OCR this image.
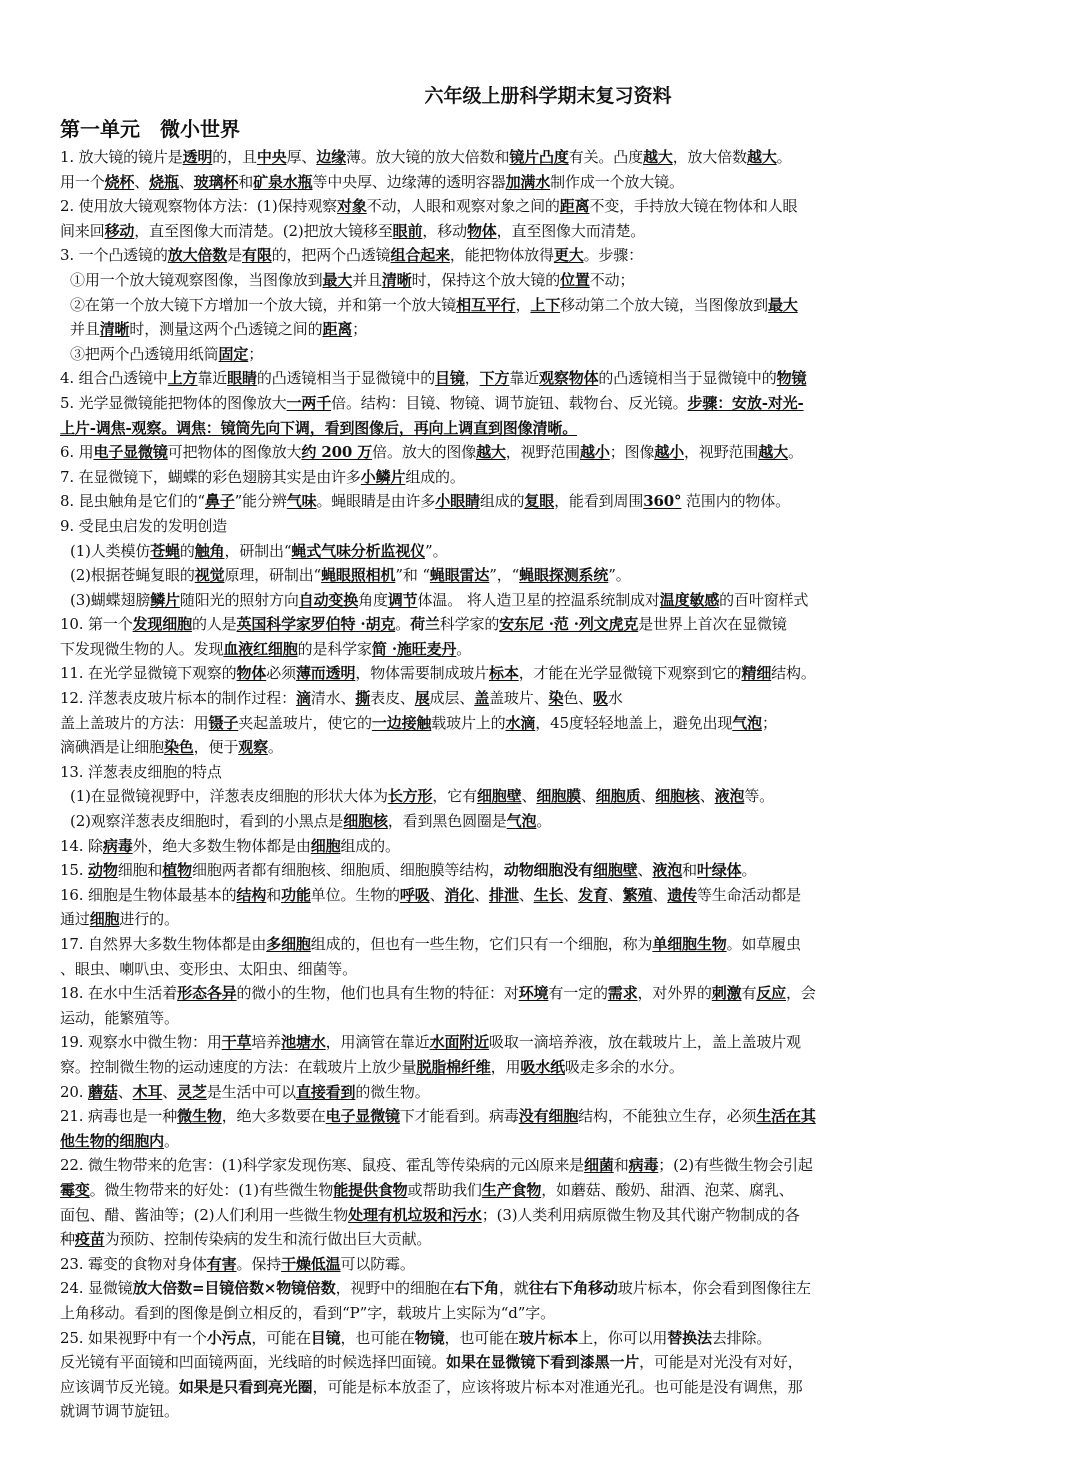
六年级上册科学期末复习资料
第一单元　微小世界
1. 放大镜的镜片是透明的，且中央厚、边缘薄。放大镜的放大倍数和镜片凸度有关。凸度越大，放大倍数越大。
用一个烧杯、烧瓶、玻璃杯和矿泉水瓶等中央厚、边缘薄的透明容器加满水制作成一个放大镜。
2. 使用放大镜观察物体方法：(1)保持观察对象不动，人眼和观察对象之间的距离不变，手持放大镜在物体和人眼
间来回移动，直至图像大而清楚。(2)把放大镜移至眼前，移动物体，直至图像大而清楚。
3. 一个凸透镜的放大倍数是有限的，把两个凸透镜组合起来，能把物体放得更大。步骤：
①用一个放大镜观察图像，当图像放到最大并且清晰时，保持这个放大镜的位置不动；
②在第一个放大镜下方增加一个放大镜，并和第一个放大镜相互平行，上下移动第二个放大镜，当图像放到最大
并且清晰时，测量这两个凸透镜之间的距离；
③把两个凸透镜用纸筒固定；
4. 组合凸透镜中上方靠近眼睛的凸透镜相当于显微镜中的目镜，下方靠近观察物体的凸透镜相当于显微镜中的物镜
5. 光学显微镜能把物体的图像放大一两千倍。结构：目镜、物镜、调节旋钮、载物台、反光镜。步骤：安放-对光-
上片-调焦-观察。调焦：镜筒先向下调，看到图像后，再向上调直到图像清晰。
6. 用电子显微镜可把物体的图像放大约 200 万倍。放大的图像越大，视野范围越小；图像越小，视野范围越大。
7. 在显微镜下，蝴蝶的彩色翅膀其实是由许多小鳞片组成的。
8. 昆虫触角是它们的“鼻子”能分辨气味。蝇眼睛是由许多小眼睛组成的复眼，能看到周围360° 范围内的物体。
9. 受昆虫启发的发明创造
(1)人类模仿苍蝇的触角，研制出“蝇式气味分析监视仪”。
(2)根据苍蝇复眼的视觉原理，研制出“蝇眼照相机”和 “蝇眼雷达”，“蝇眼探测系统”。
(3)蝴蝶翅膀鳞片随阳光的照射方向自动变换角度调节体温。 将人造卫星的控温系统制成对温度敏感的百叶窗样式
10. 第一个发现细胞的人是英国科学家罗伯特 ·胡克。荷兰科学家的安东尼 ·范 ·列文虎克是世界上首次在显微镜
下发现微生物的人。发现血液红细胞的是科学家简 ·施旺麦丹。
11. 在光学显微镜下观察的物体必须薄而透明，物体需要制成玻片标本，才能在光学显微镜下观察到它的精细结构。
12. 洋葱表皮玻片标本的制作过程：滴清水、撕表皮、展成层、盖盖玻片、染色、吸水
盖上盖玻片的方法：用镊子夹起盖玻片，使它的一边接触载玻片上的水滴，45度轻轻地盖上，避免出现气泡；
滴碘酒是让细胞染色，便于观察。
13. 洋葱表皮细胞的特点
(1)在显微镜视野中，洋葱表皮细胞的形状大体为长方形，它有细胞壁、细胞膜、细胞质、细胞核、液泡等。
(2)观察洋葱表皮细胞时，看到的小黑点是细胞核，看到黑色圆圈是气泡。
14. 除病毒外，绝大多数生物体都是由细胞组成的。
15. 动物细胞和植物细胞两者都有细胞核、细胞质、细胞膜等结构，动物细胞没有细胞壁、液泡和叶绿体。
16. 细胞是生物体最基本的结构和功能单位。生物的呼吸、消化、排泄、生长、发育、繁殖、遗传等生命活动都是
通过细胞进行的。
17. 自然界大多数生物体都是由多细胞组成的，但也有一些生物，它们只有一个细胞，称为单细胞生物。如草履虫
、眼虫、喇叭虫、变形虫、太阳虫、细菌等。
18. 在水中生活着形态各异的微小的生物，他们也具有生物的特征：对环境有一定的需求，对外界的刺激有反应，会
运动，能繁殖等。
19. 观察水中微生物：用干草培养池塘水，用滴管在靠近水面附近吸取一滴培养液，放在载玻片上，盖上盖玻片观
察。控制微生物的运动速度的方法：在载玻片上放少量脱脂棉纤维，用吸水纸吸走多余的水分。
20. 蘑菇、木耳、灵芝是生活中可以直接看到的微生物。
21. 病毒也是一种微生物，绝大多数要在电子显微镜下才能看到。病毒没有细胞结构，不能独立生存，必须生活在其
他生物的细胞内。
22. 微生物带来的危害：(1)科学家发现伤寒、鼠疫、霍乱等传染病的元凶原来是细菌和病毒；(2)有些微生物会引起
霉变。微生物带来的好处：(1)有些微生物能提供食物或帮助我们生产食物，如蘑菇、酸奶、甜酒、泡菜、腐乳、
面包、醋、酱油等；(2)人们利用一些微生物处理有机垃圾和污水；(3)人类利用病原微生物及其代谢产物制成的各
种疫苗为预防、控制传染病的发生和流行做出巨大贡献。
23. 霉变的食物对身体有害。保持干燥低温可以防霉。
24. 显微镜放大倍数=目镜倍数×物镜倍数，视野中的细胞在右下角，就往右下角移动玻片标本，你会看到图像往左
上角移动。看到的图像是倒立相反的，看到“P”字，载玻片上实际为“d”字。
25. 如果视野中有一个小污点，可能在目镜，也可能在物镜，也可能在玻片标本上，你可以用替换法去排除。
反光镜有平面镜和凹面镜两面，光线暗的时候选择凹面镜。如果在显微镜下看到漆黑一片，可能是对光没有对好，
应该调节反光镜。如果是只看到亮光圈，可能是标本放歪了，应该将玻片标本对准通光孔。也可能是没有调焦，那
就调节调节旋钮。
